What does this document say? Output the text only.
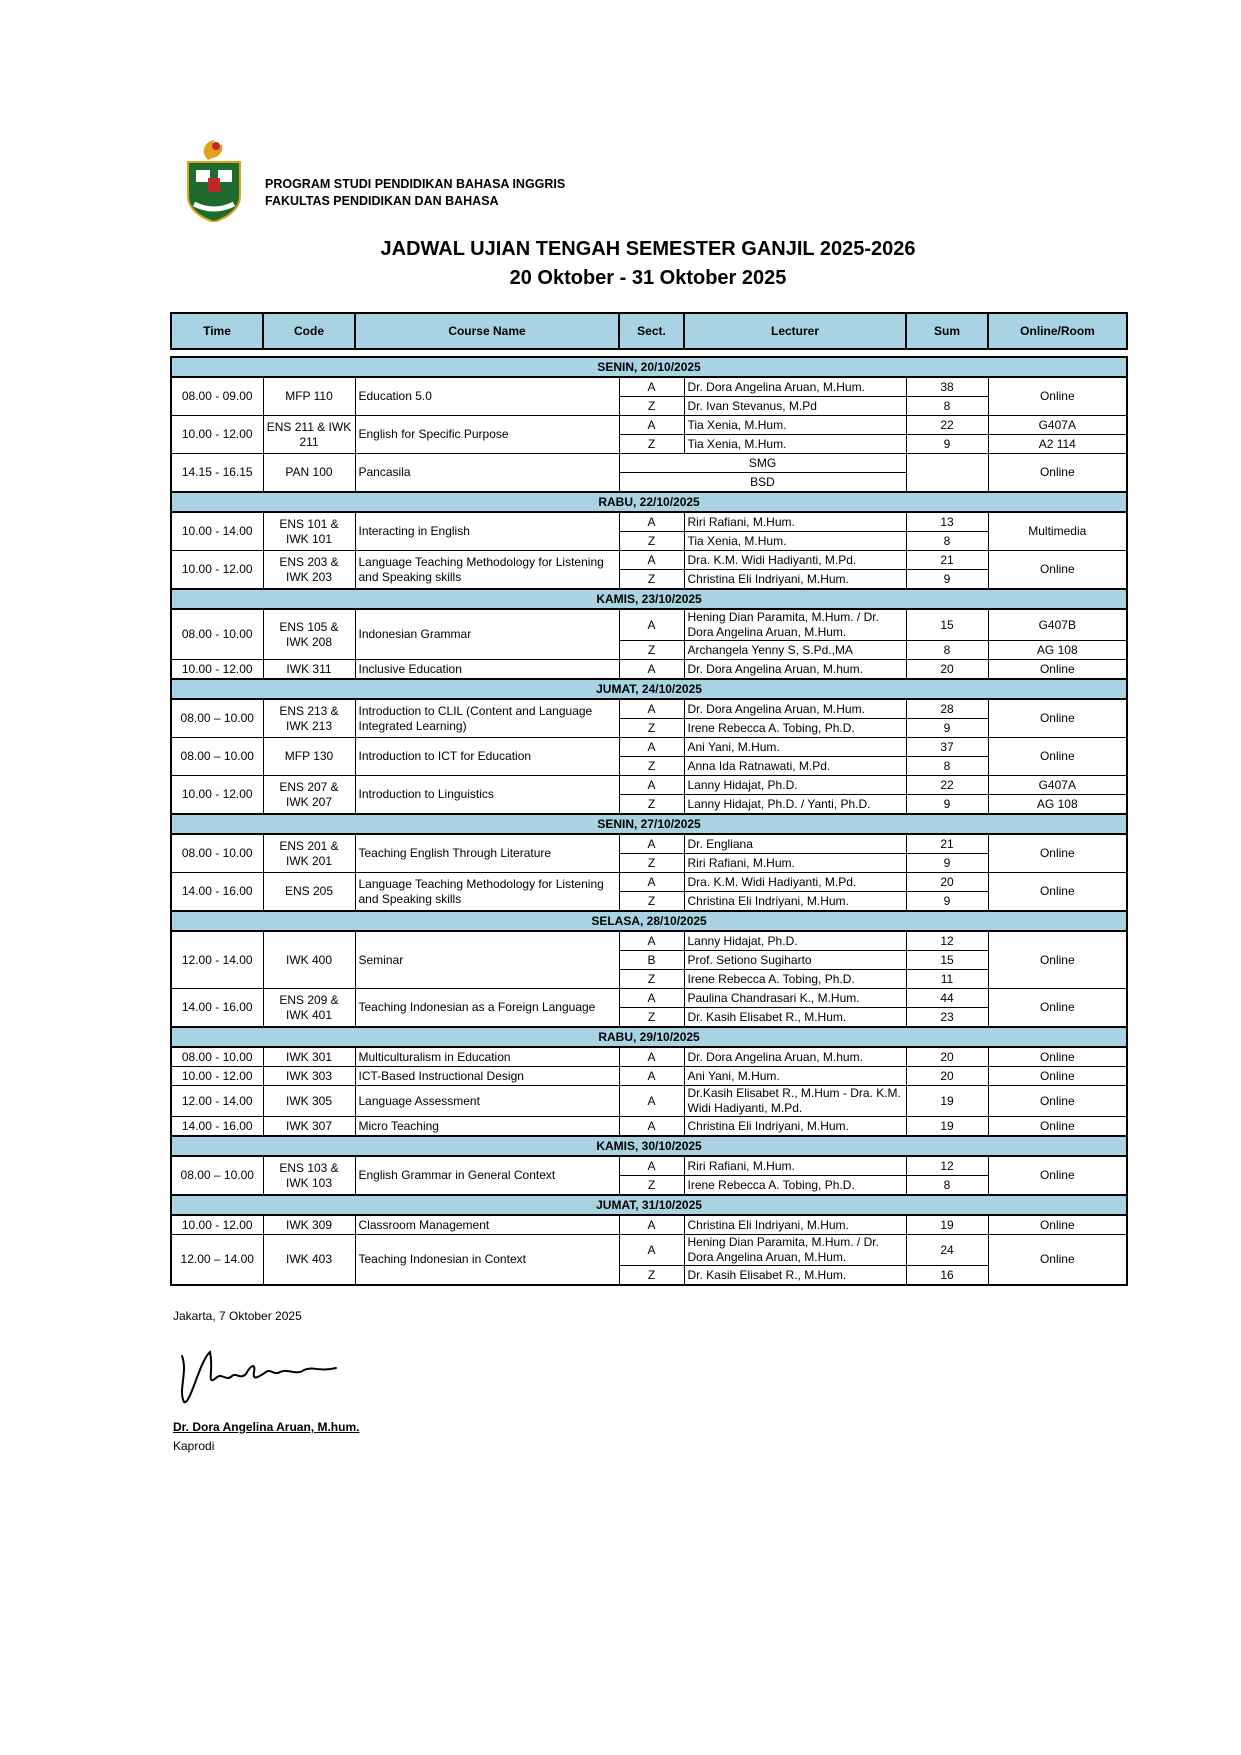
PROGRAM STUDI PENDIDIKAN BAHASA INGGRIS
FAKULTAS PENDIDIKAN DAN BAHASA
JADWAL UJIAN TENGAH SEMESTER GANJIL 2025-2026
20 Oktober - 31 Oktober 2025
Time	Code	Course Name	Sect.	Lecturer	Sum	Online/Room
SENIN, 20/10/2025						
08.00 - 09.00	MFP 110	Education 5.0	A	Dr. Dora Angelina Aruan, M.Hum.	38	Online
			Z	Dr. Ivan Stevanus, M.Pd	8	
10.00 - 12.00	ENS 211 & IWK 211	English for Specific Purpose	A	Tia Xenia, M.Hum.	22	G407A
			Z	Tia Xenia, M.Hum.	9	A2 114
14.15 - 16.15	PAN 100	Pancasila	SMG			Online
			BSD			
RABU, 22/10/2025						
10.00 - 14.00	ENS 101 & IWK 101	Interacting in English	A	Riri Rafiani, M.Hum.	13	Multimedia
			Z	Tia Xenia, M.Hum.	8	
10.00 - 12.00	ENS 203 & IWK 203	Language Teaching Methodology for Listening and Speaking skills	A	Dra. K.M. Widi Hadiyanti, M.Pd.	21	Online
			Z	Christina Eli Indriyani, M.Hum.	9	
KAMIS, 23/10/2025						
08.00 - 10.00	ENS 105 & IWK 208	Indonesian Grammar	A	Hening Dian Paramita, M.Hum. / Dr. Dora Angelina Aruan, M.Hum.	15	G407B
			Z	Archangela Yenny S, S.Pd.,MA	8	AG 108
10.00 - 12.00	IWK 311	Inclusive Education	A	Dr. Dora Angelina Aruan, M.hum.	20	Online
JUMAT, 24/10/2025						
08.00 – 10.00	ENS 213 & IWK 213	Introduction to CLIL (Content and Language Integrated Learning)	A	Dr. Dora Angelina Aruan, M.Hum.	28	Online
			Z	Irene Rebecca A. Tobing, Ph.D.	9	
08.00 – 10.00	MFP 130	Introduction to ICT for Education	A	Ani Yani, M.Hum.	37	Online
			Z	Anna Ida Ratnawati, M.Pd.	8	
10.00 - 12.00	ENS 207 & IWK 207	Introduction to Linguistics	A	Lanny Hidajat, Ph.D.	22	G407A
			Z	Lanny Hidajat, Ph.D. / Yanti, Ph.D.	9	AG 108
SENIN, 27/10/2025						
08.00 - 10.00	ENS 201 & IWK 201	Teaching English Through Literature	A	Dr. Engliana	21	Online
			Z	Riri Rafiani, M.Hum.	9	
14.00 - 16.00	ENS 205	Language Teaching Methodology for Listening and Speaking skills	A	Dra. K.M. Widi Hadiyanti, M.Pd.	20	Online
			Z	Christina Eli Indriyani, M.Hum.	9	
SELASA, 28/10/2025						
12.00 - 14.00	IWK 400	Seminar	A	Lanny Hidajat, Ph.D.	12	Online
			B	Prof. Setiono Sugiharto	15	
			Z	Irene Rebecca A. Tobing, Ph.D.	11	
14.00 - 16.00	ENS 209 & IWK 401	Teaching Indonesian as a Foreign Language	A	Paulina Chandrasari K., M.Hum.	44	Online
			Z	Dr. Kasih Elisabet R., M.Hum.	23	
RABU, 29/10/2025						
08.00 - 10.00	IWK 301	Multiculturalism in Education	A	Dr. Dora Angelina Aruan, M.hum.	20	Online
10.00 - 12.00	IWK 303	ICT-Based Instructional Design	A	Ani Yani, M.Hum.	20	Online
12.00 - 14.00	IWK 305	Language Assessment	A	Dr.Kasih Elisabet R., M.Hum - Dra. K.M. Widi Hadiyanti, M.Pd.	19	Online
14.00 - 16.00	IWK 307	Micro Teaching	A	Christina Eli Indriyani, M.Hum.	19	Online
KAMIS, 30/10/2025						
08.00 – 10.00	ENS 103 & IWK 103	English Grammar in General Context	A	Riri Rafiani, M.Hum.	12	Online
			Z	Irene Rebecca A. Tobing, Ph.D.	8	
JUMAT, 31/10/2025						
10.00 - 12.00	IWK 309	Classroom Management	A	Christina Eli Indriyani, M.Hum.	19	Online
12.00 – 14.00	IWK 403	Teaching Indonesian in Context	A	Hening Dian Paramita, M.Hum. / Dr. Dora Angelina Aruan, M.Hum.	24	Online
			Z	Dr. Kasih Elisabet R., M.Hum.	16	
Jakarta, 7 Oktober 2025
Dr. Dora Angelina Aruan, M.hum.
Kaprodi
